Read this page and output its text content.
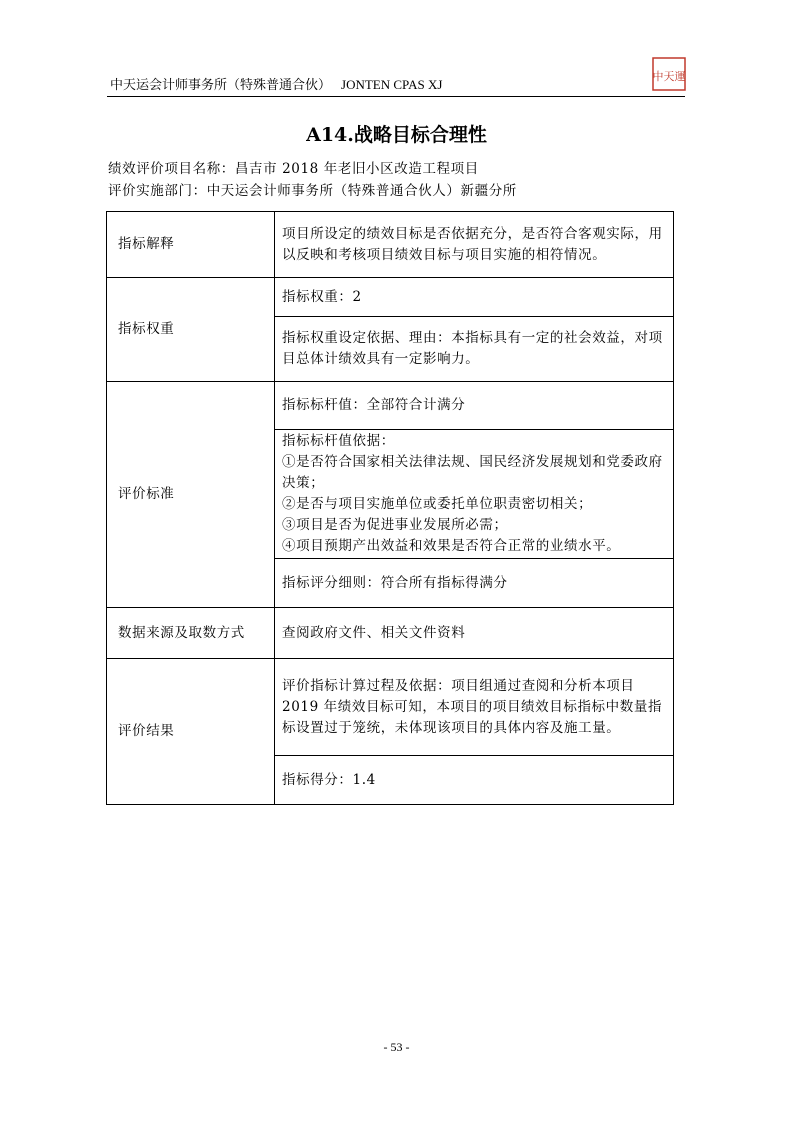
中天运会计师事务所（特殊普通合伙） JONTEN CPAS XJ
中天運
A14.战略目标合理性
绩效评价项目名称：昌吉市 2018 年老旧小区改造工程项目
评价实施部门：中天运会计师事务所（特殊普通合伙人）新疆分所
指标解释	项目所设定的绩效目标是否依据充分，是否符合客观实际，用以反映和考核项目绩效目标与项目实施的相符情况。
指标权重	指标权重：2
	指标权重设定依据、理由：本指标具有一定的社会效益，对项目总体计绩效具有一定影响力。
评价标准	指标标杆值：全部符合计满分

	指标标杆值依据：
①是否符合国家相关法律法规、国民经济发展规划和党委政府决策；
②是否与项目实施单位或委托单位职责密切相关；
③项目是否为促进事业发展所必需；
④项目预期产出效益和效果是否符合正常的业绩水平。

	指标评分细则：符合所有指标得满分
数据来源及取数方式	查阅政府文件、相关文件资料
评价结果	评价指标计算过程及依据：项目组通过查阅和分析本项目 2019 年绩效目标可知，本项目的项目绩效目标指标中数量指标设置过于笼统，未体现该项目的具体内容及施工量。
	指标得分：1.4
- 53 -
